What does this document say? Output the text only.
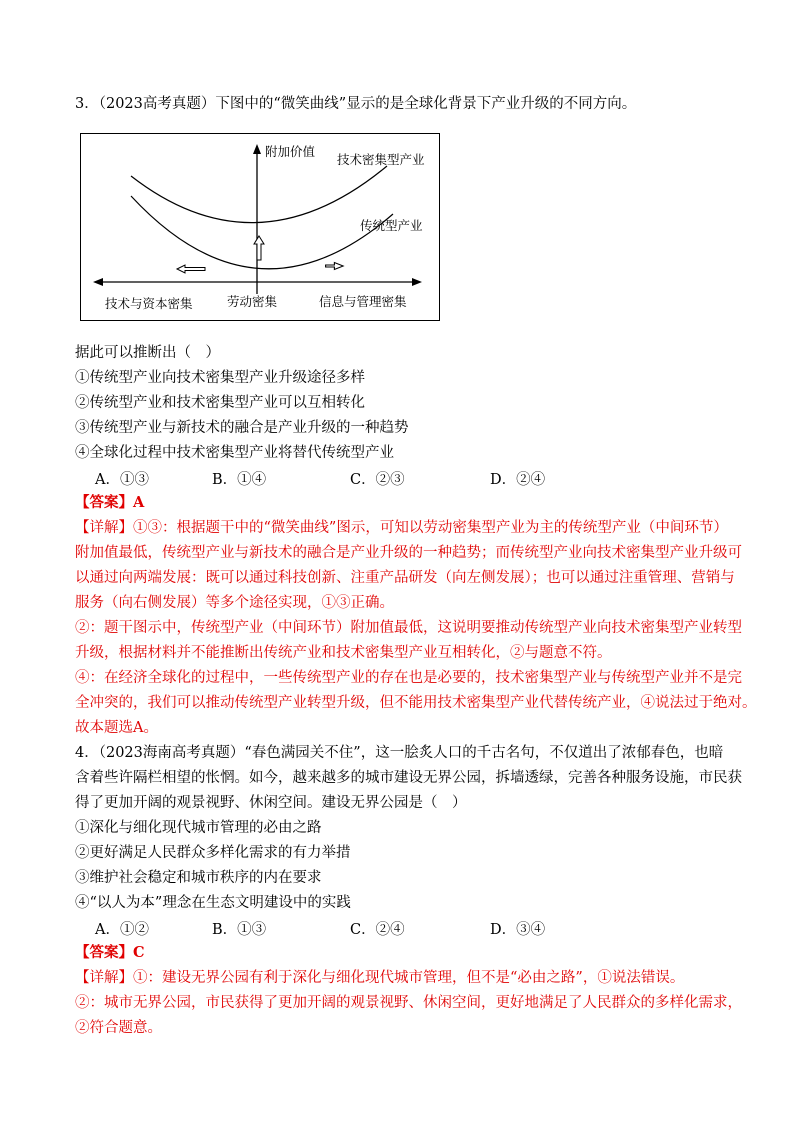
3．（2023高考真题）下图中的“微笑曲线”显示的是全球化背景下产业升级的不同方向。
附加价值
技术密集型产业
传统型产业
技术与资本密集	劳动密集	信息与管理密集
据此可以推断出（　）
①传统型产业向技术密集型产业升级途径多样
②传统型产业和技术密集型产业可以互相转化
③传统型产业与新技术的融合是产业升级的一种趋势
④全球化过程中技术密集型产业将替代传统型产业
A．①③	B．①④	C．②③	D．②④
【答案】A
【详解】①③：根据题干中的“微笑曲线”图示，可知以劳动密集型产业为主的传统型产业（中间环节）
附加值最低，传统型产业与新技术的融合是产业升级的一种趋势；而传统型产业向技术密集型产业升级可
以通过向两端发展：既可以通过科技创新、注重产品研发（向左侧发展）；也可以通过注重管理、营销与
服务（向右侧发展）等多个途径实现，①③正确。
②：题干图示中，传统型产业（中间环节）附加值最低，这说明要推动传统型产业向技术密集型产业转型
升级，根据材料并不能推断出传统产业和技术密集型产业互相转化，②与题意不符。
④：在经济全球化的过程中，一些传统型产业的存在也是必要的，技术密集型产业与传统型产业并不是完
全冲突的，我们可以推动传统型产业转型升级，但不能用技术密集型产业代替传统产业，④说法过于绝对。
故本题选A。
4．（2023海南高考真题）“春色满园关不住”，这一脍炙人口的千古名句，不仅道出了浓郁春色，也暗
含着些许隔栏相望的怅惘。如今，越来越多的城市建设无界公园，拆墙透绿，完善各种服务设施，市民获
得了更加开阔的观景视野、休闲空间。建设无界公园是（　）
①深化与细化现代城市管理的必由之路
②更好满足人民群众多样化需求的有力举措
③维护社会稳定和城市秩序的内在要求
④“以人为本”理念在生态文明建设中的实践
A．①②	B．①③	C．②④	D．③④
【答案】C
【详解】①：建设无界公园有利于深化与细化现代城市管理，但不是“必由之路”，①说法错误。
②：城市无界公园，市民获得了更加开阔的观景视野、休闲空间，更好地满足了人民群众的多样化需求，
②符合题意。
